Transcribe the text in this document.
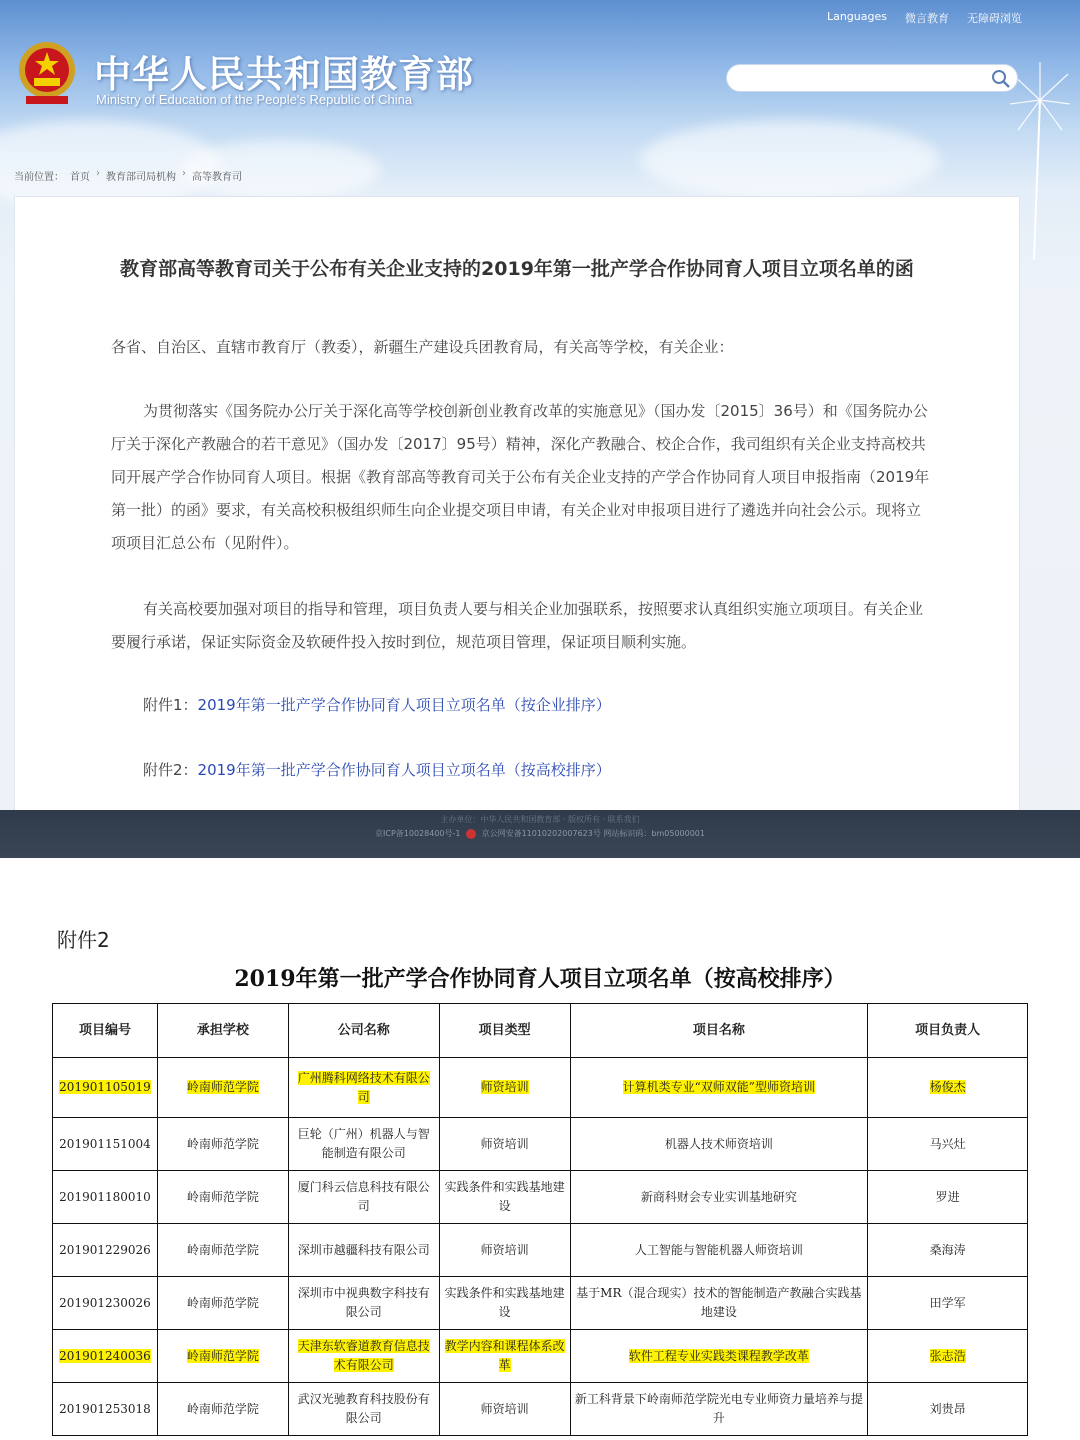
中华人民共和国教育部
Ministry of Education of the People's Republic of China
Languages 微言教育 无障碍浏览
当前位置： 首页 › 教育部司局机构 › 高等教育司
教育部高等教育司关于公布有关企业支持的2019年第一批产学合作协同育人项目立项名单的函

各省、自治区、直辖市教育厅（教委），新疆生产建设兵团教育局，有关高等学校，有关企业：

为贯彻落实《国务院办公厅关于深化高等学校创新创业教育改革的实施意见》（国办发〔2015〕36号）和《国务院办公厅关于深化产教融合的若干意见》（国办发〔2017〕95号）精神，深化产教融合、校企合作，我司组织有关企业支持高校共同开展产学合作协同育人项目。根据《教育部高等教育司关于公布有关企业支持的产学合作协同育人项目申报指南（2019年第一批）的函》要求，有关高校积极组织师生向企业提交项目申请，有关企业对申报项目进行了遴选并向社会公示。现将立项项目汇总公布（见附件）。

有关高校要加强对项目的指导和管理，项目负责人要与相关企业加强联系，按照要求认真组织实施立项项目。有关企业要履行承诺，保证实际资金及软硬件投入按时到位，规范项目管理，保证项目顺利实施。

附件1：2019年第一批产学合作协同育人项目立项名单（按企业排序）

附件2：2019年第一批产学合作协同育人项目立项名单（按高校排序）

主办单位：中华人民共和国教育部 · 版权所有 · 联系我们
京ICP备10028400号-1	京公网安备11010202007623号 网站标识码：bm05000001
附件2
2019年第一批产学合作协同育人项目立项名单（按高校排序）
项目编号	承担学校	公司名称	项目类型	项目名称	项目负责人
201901105019	岭南师范学院	广州腾科网络技术有限公司	师资培训	计算机类专业“双师双能”型师资培训	杨俊杰
201901151004	岭南师范学院	巨轮（广州）机器人与智能制造有限公司	师资培训	机器人技术师资培训	马兴灶
201901180010	岭南师范学院	厦门科云信息科技有限公司	实践条件和实践基地建设	新商科财会专业实训基地研究	罗进
201901229026	岭南师范学院	深圳市越疆科技有限公司	师资培训	人工智能与智能机器人师资培训	桑海涛
201901230026	岭南师范学院	深圳市中视典数字科技有限公司	实践条件和实践基地建设	基于MR（混合现实）技术的智能制造产教融合实践基地建设	田学军
201901240036	岭南师范学院	天津东软睿道教育信息技术有限公司	教学内容和课程体系改革	软件工程专业实践类课程教学改革	张志浩
201901253018	岭南师范学院	武汉光驰教育科技股份有限公司	师资培训	新工科背景下岭南师范学院光电专业师资力量培养与提升	刘贵昂
